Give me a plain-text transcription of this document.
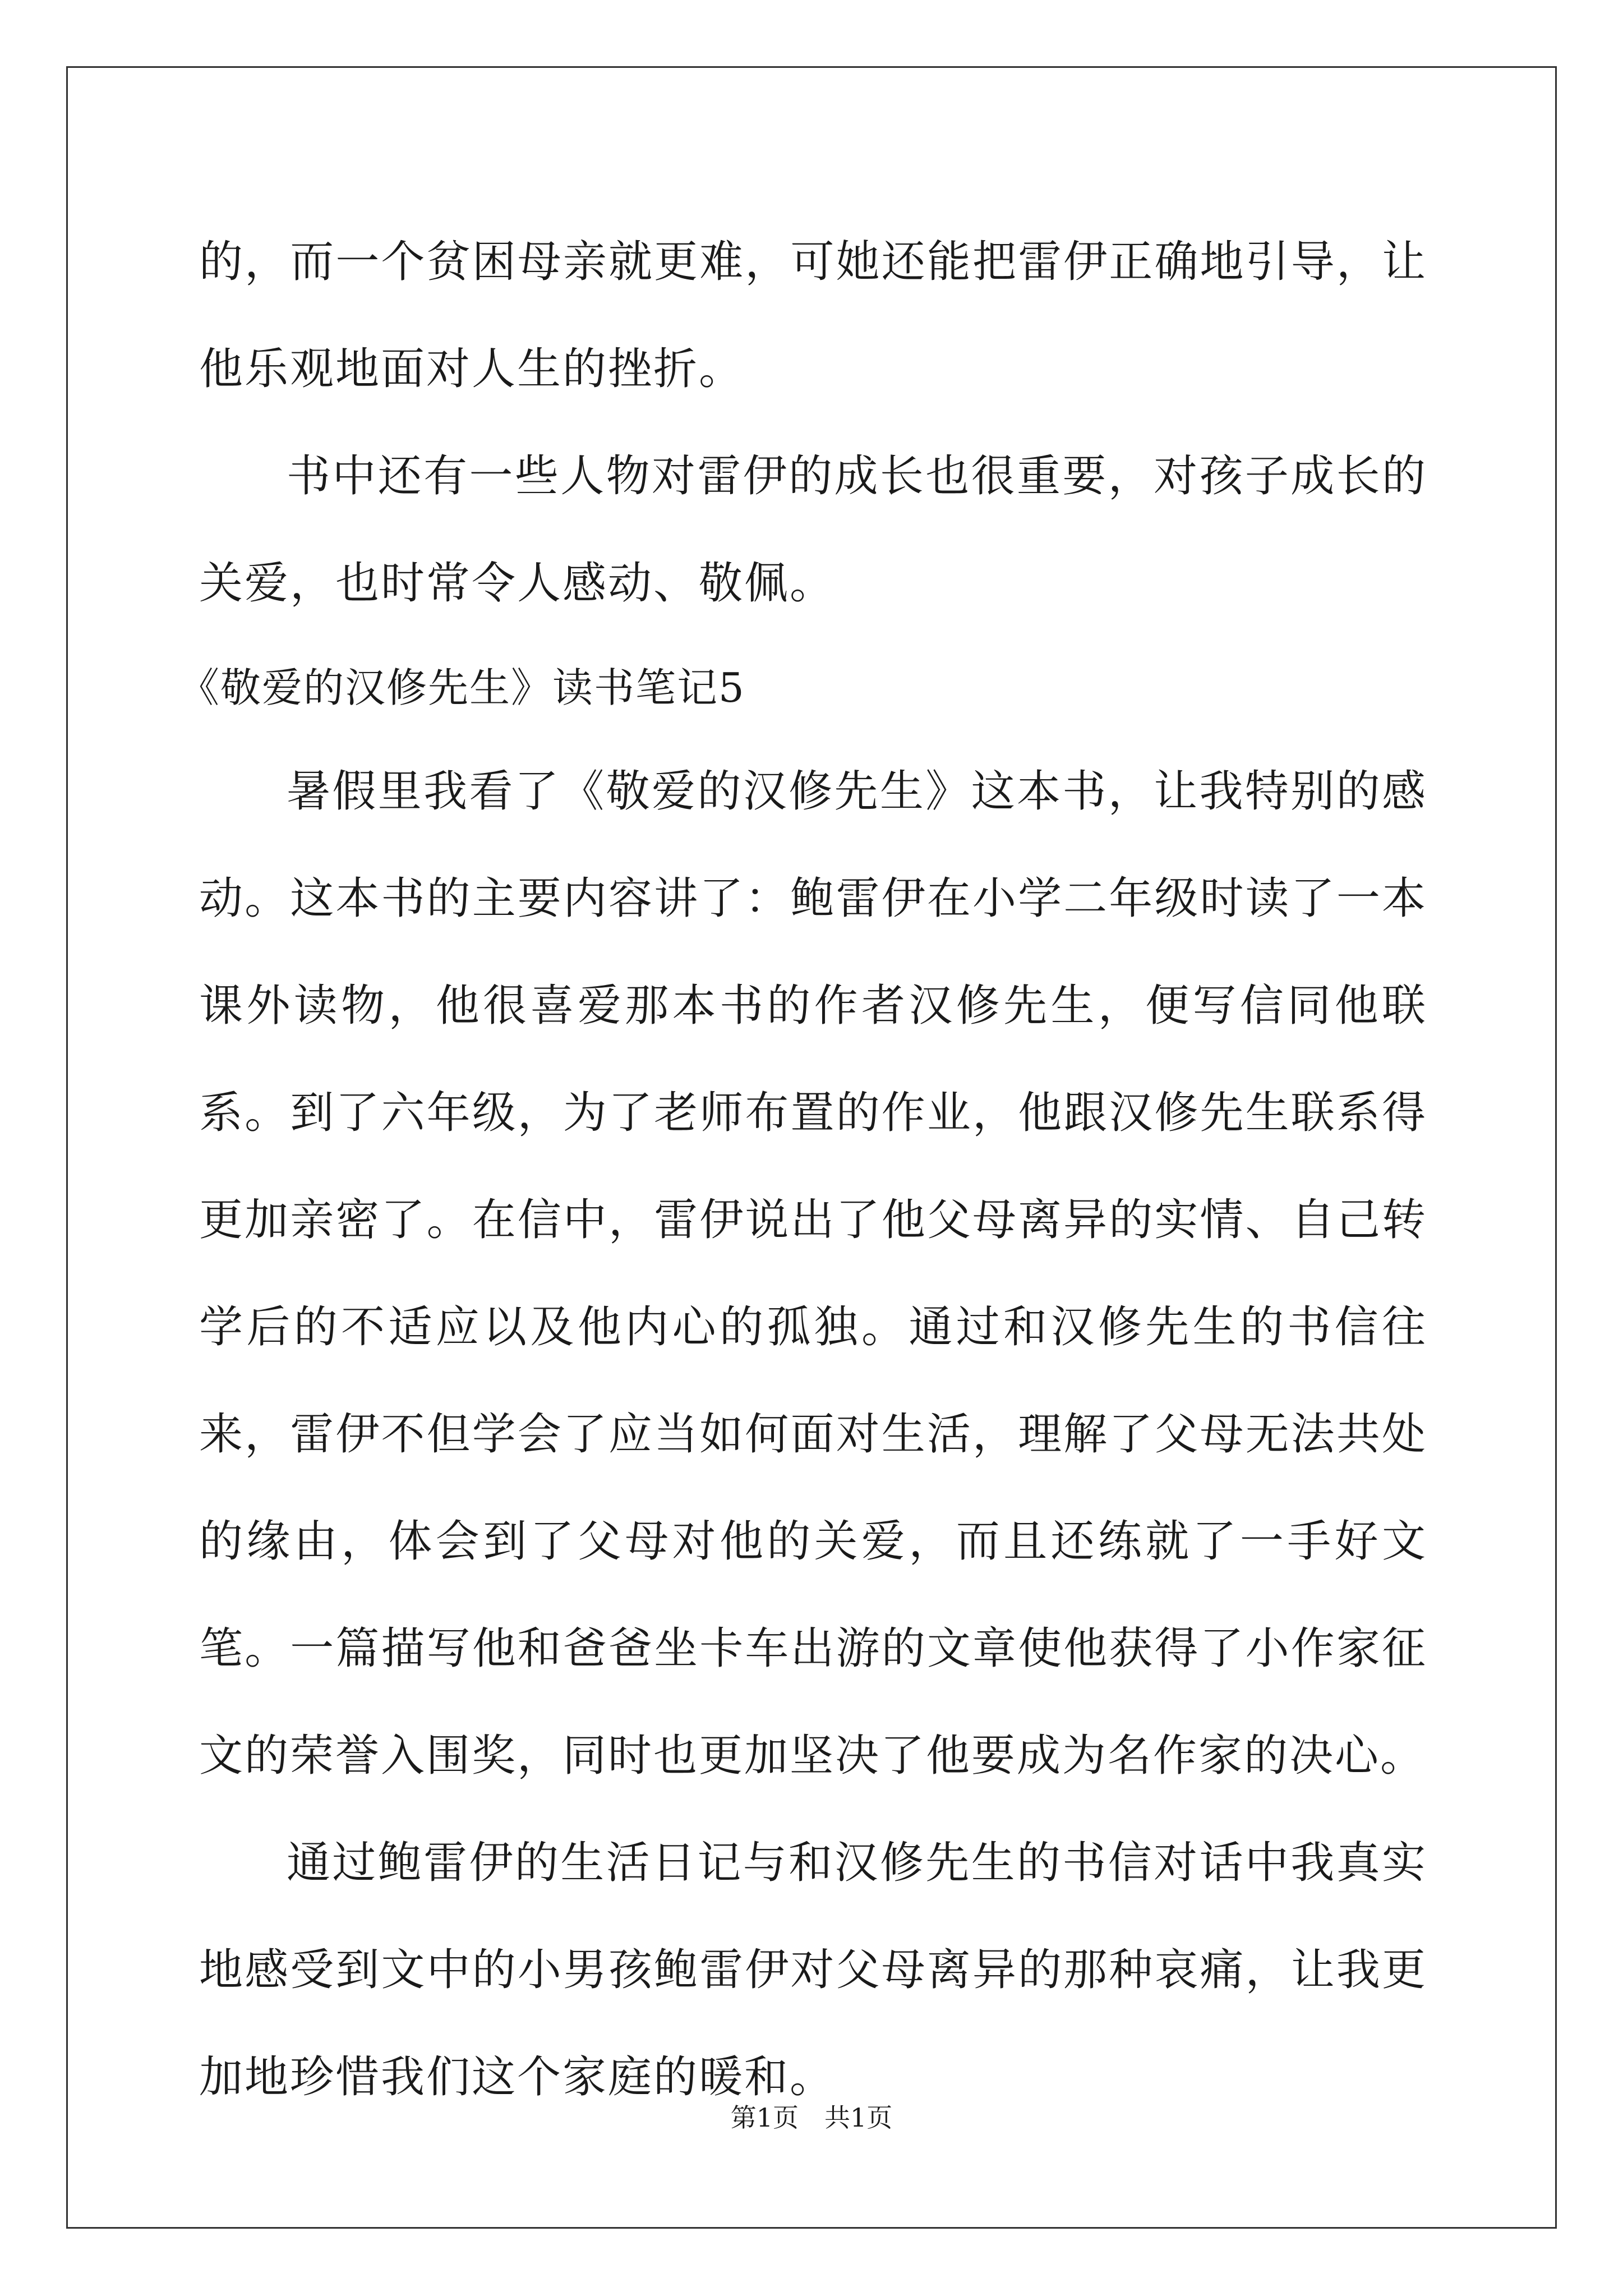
的，而一个贫困母亲就更难，可她还能把雷伊正确地引导，让他乐观地面对人生的挫折。

书中还有一些人物对雷伊的成长也很重要，对孩子成长的关爱，也时常令人感动、敬佩。

《敬爱的汉修先生》读书笔记5

暑假里我看了《敬爱的汉修先生》这本书，让我特别的感动。这本书的主要内容讲了：鲍雷伊在小学二年级时读了一本课外读物，他很喜爱那本书的作者汉修先生，便写信同他联系。到了六年级，为了老师布置的作业，他跟汉修先生联系得更加亲密了。在信中，雷伊说出了他父母离异的实情、自己转学后的不适应以及他内心的孤独。通过和汉修先生的书信往来，雷伊不但学会了应当如何面对生活，理解了父母无法共处的缘由，体会到了父母对他的关爱，而且还练就了一手好文笔。一篇描写他和爸爸坐卡车出游的文章使他获得了小作家征文的荣誉入围奖，同时也更加坚决了他要成为名作家的决心。

通过鲍雷伊的生活日记与和汉修先生的书信对话中我真实地感受到文中的小男孩鲍雷伊对父母离异的那种哀痛，让我更加地珍惜我们这个家庭的暖和。

第1页 共1页
